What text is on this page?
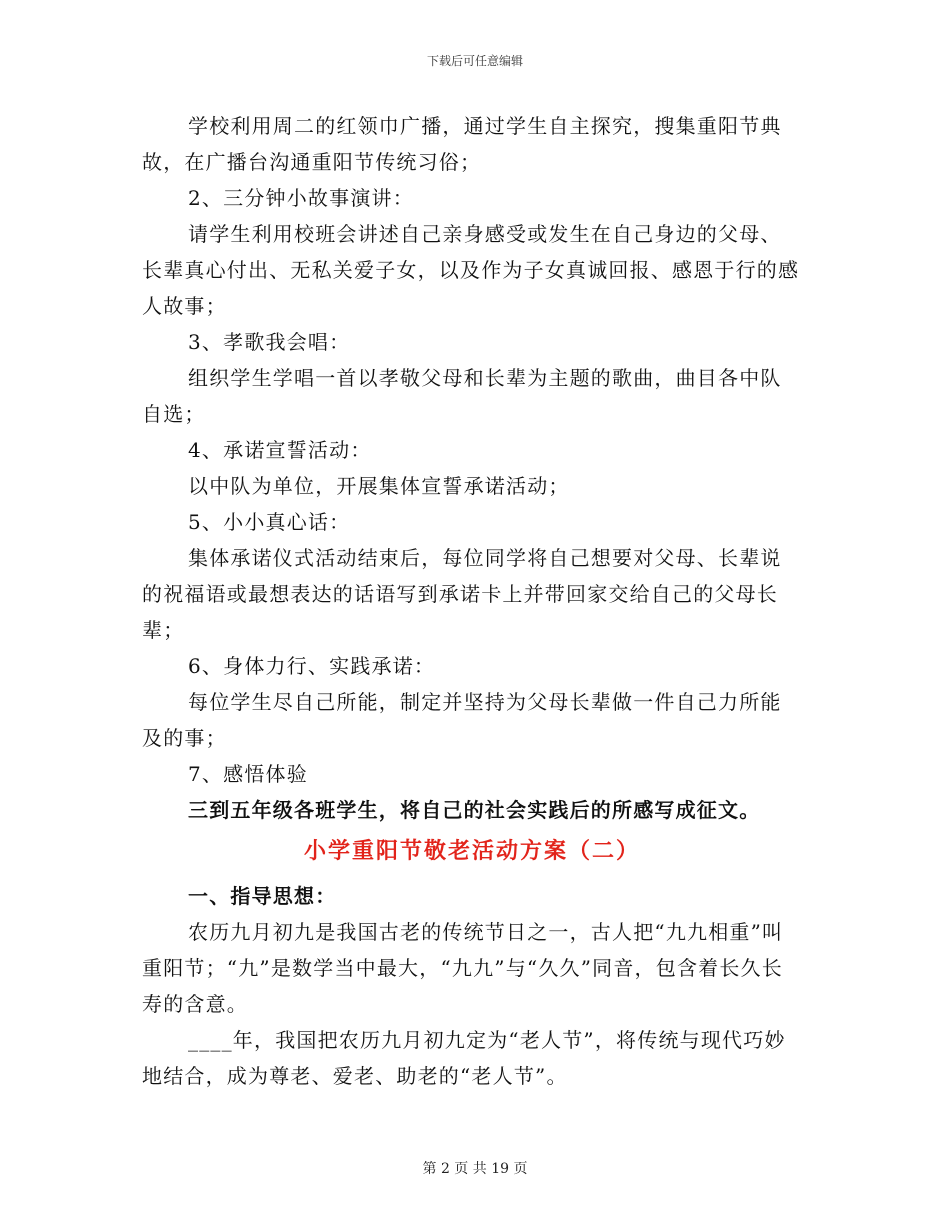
下载后可任意编辑

学校利用周二的红领巾广播，通过学生自主探究，搜集重阳节典故，在广播台沟通重阳节传统习俗；

2、三分钟小故事演讲：

请学生利用校班会讲述自己亲身感受或发生在自己身边的父母、长辈真心付出、无私关爱子女，以及作为子女真诚回报、感恩于行的感人故事；

3、孝歌我会唱：

组织学生学唱一首以孝敬父母和长辈为主题的歌曲，曲目各中队自选；

4、承诺宣誓活动：

以中队为单位，开展集体宣誓承诺活动；

5、小小真心话：

集体承诺仪式活动结束后，每位同学将自己想要对父母、长辈说的祝福语或最想表达的话语写到承诺卡上并带回家交给自己的父母长辈；

6、身体力行、实践承诺：

每位学生尽自己所能，制定并坚持为父母长辈做一件自己力所能及的事；

7、感悟体验

三到五年级各班学生，将自己的社会实践后的所感写成征文。

小学重阳节敬老活动方案（二）

一、指导思想：

农历九月初九是我国古老的传统节日之一，古人把“九九相重”叫重阳节；“九”是数学当中最大，“九九”与“久久”同音，包含着长久长寿的含意。

____年，我国把农历九月初九定为“老人节”，将传统与现代巧妙地结合，成为尊老、爱老、助老的“老人节”。

第 2 页 共 19 页
